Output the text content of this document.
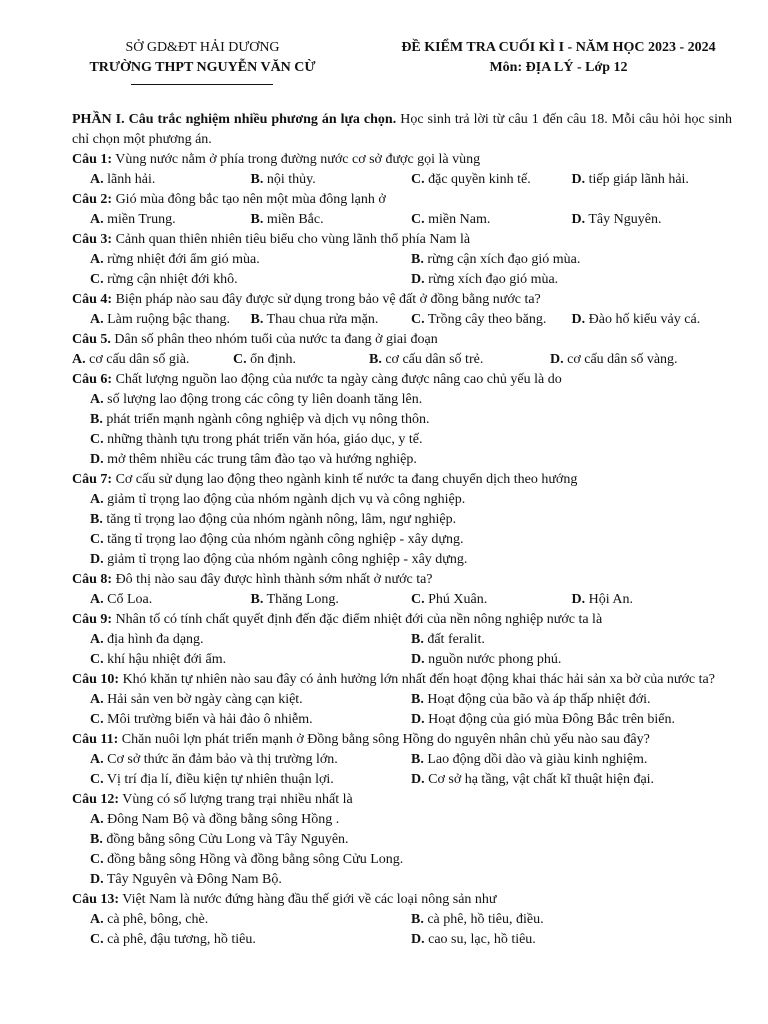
SỞ GD&ĐT HẢI DƯƠNG
TRƯỜNG THPT NGUYỄN VĂN CỪ
ĐỀ KIỂM TRA CUỐI KÌ I - NĂM HỌC 2023 - 2024
Môn: ĐỊA LÝ - Lớp 12
PHẦN I. Câu trắc nghiệm nhiều phương án lựa chọn. Học sinh trả lời từ câu 1 đến câu 18. Mỗi câu hỏi học sinh chỉ chọn một phương án.
Câu 1: Vùng nước nằm ở phía trong đường nước cơ sở được gọi là vùng
A. lãnh hải.	B. nội thủy.	C. đặc quyền kinh tế.	D. tiếp giáp lãnh hải.
Câu 2: Gió mùa đông bắc tạo nên một mùa đông lạnh ở
A. miền Trung.	B. miền Bắc.	C. miền Nam.	D. Tây Nguyên.
Câu 3: Cảnh quan thiên nhiên tiêu biểu cho vùng lãnh thổ phía Nam là
A. rừng nhiệt đới ẩm gió mùa.	B. rừng cận xích đạo gió mùa.
C. rừng cận nhiệt đới khô.	D. rừng xích đạo gió mùa.
Câu 4: Biện pháp nào sau đây được sử dụng trong bảo vệ đất ở đồng bằng nước ta?
A. Làm ruộng bậc thang.	B. Thau chua rửa mặn.	C. Trồng cây theo băng.	D. Đào hố kiểu vảy cá.
Câu 5. Dân số phân theo nhóm tuổi của nước ta đang ở giai đoạn
A. cơ cấu dân số già.	C. ổn định.	B. cơ cấu dân số trẻ.	D. cơ cấu dân số vàng.
Câu 6: Chất lượng nguồn lao động của nước ta ngày càng được nâng cao chủ yếu là do
A. số lượng lao động trong các công ty liên doanh tăng lên.
B. phát triển mạnh ngành công nghiệp và dịch vụ nông thôn.
C. những thành tựu trong phát triển văn hóa, giáo dục, y tế.
D. mở thêm nhiều các trung tâm đào tạo và hướng nghiệp.
Câu 7: Cơ cấu sử dụng lao động theo ngành kinh tế nước ta đang chuyển dịch theo hướng
A. giảm tỉ trọng lao động của nhóm ngành dịch vụ và công nghiệp.
B. tăng tỉ trọng lao động của nhóm ngành nông, lâm, ngư nghiệp.
C. tăng tỉ trọng lao động của nhóm ngành công nghiệp - xây dựng.
D. giảm tỉ trọng lao động của nhóm ngành công nghiệp - xây dựng.
Câu 8: Đô thị nào sau đây được hình thành sớm nhất ở nước ta?
A. Cổ Loa.	B. Thăng Long.	C. Phú Xuân.	D. Hội An.
Câu 9: Nhân tố có tính chất quyết định đến đặc điểm nhiệt đới của nền nông nghiệp nước ta là
A. địa hình đa dạng.	B. đất feralit.
C. khí hậu nhiệt đới ẩm.	D. nguồn nước phong phú.
Câu 10: Khó khăn tự nhiên nào sau đây có ảnh hưởng lớn nhất đến hoạt động khai thác hải sản xa bờ của nước ta?
A. Hải sản ven bờ ngày càng cạn kiệt.	B. Hoạt động của bão và áp thấp nhiệt đới.
C. Môi trường biển và hải đảo ô nhiễm.	D. Hoạt động của gió mùa Đông Bắc trên biển.
Câu 11: Chăn nuôi lợn phát triển mạnh ở Đồng bằng sông Hồng do nguyên nhân chủ yếu nào sau đây?
A. Cơ sở thức ăn đảm bảo và thị trường lớn.	B. Lao động dồi dào và giàu kinh nghiệm.
C. Vị trí địa lí, điều kiện tự nhiên thuận lợi.	D. Cơ sở hạ tầng, vật chất kĩ thuật hiện đại.
Câu 12: Vùng có số lượng trang trại nhiều nhất là
A. Đông Nam Bộ và đồng bằng sông Hồng .
B. đồng bằng sông Cửu Long và Tây Nguyên.
C. đồng bằng sông Hồng và đồng bằng sông Cửu Long.
D. Tây Nguyên và Đông Nam Bộ.
Câu 13: Việt Nam là nước đứng hàng đầu thế giới về các loại nông sản như
A. cà phê, bông, chè.	B. cà phê, hồ tiêu, điều.
C. cà phê, đậu tương, hồ tiêu.	D. cao su, lạc, hồ tiêu.
